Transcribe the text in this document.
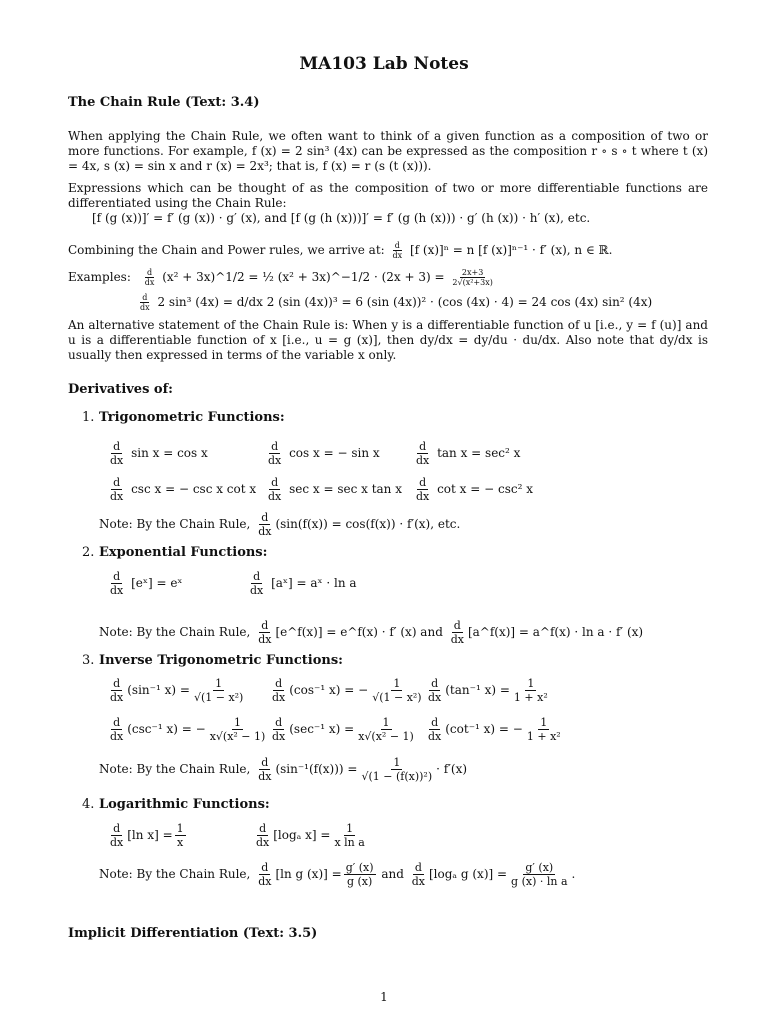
MA103 Lab Notes
The Chain Rule (Text: 3.4)
When applying the Chain Rule, we often want to think of a given function as a composition of two or more functions. For example, f (x) = 2 sin³ (4x) can be expressed as the composition r ∘ s ∘ t where t (x) = 4x, s (x) = sin x and r (x) = 2x³; that is, f (x) = r (s (t (x))).
Expressions which can be thought of as the composition of two or more differentiable functions are differentiated using the Chain Rule:
[f (g (x))]′ = f′ (g (x)) · g′ (x), and [f (g (h (x)))]′ = f′ (g (h (x))) · g′ (h (x)) · h′ (x), etc.
Combining the Chain and Power rules, we arrive at: $\frac{d}{dx} [f$ (x)]ⁿ = n [f (x)]ⁿ⁻¹ · f′ (x), n ∈ ℝ.
Examples: $\frac{d}{dx} (x^2$ + 3x)^1/2 = ½ (x² + 3x)^−1/2 · $(2x + 3) = \frac{2x+3}{\text{2√(x²+3x)}}$
$\frac{d}{dx} 2$ sin³ (4x) = d/dx 2 (sin (4x))³ = 6 (sin (4x))² · (cos (4x) · 4) = 24 cos (4x) sin² (4x)
An alternative statement of the Chain Rule is: When y is a differentiable function of u [i.e., y = f (u)] and u is a differentiable function of x [i.e., u = g (x)], then dy/dx = dy/du · du/dx. Also note that dy/dx is usually then expressed in terms of the variable x only.
Derivatives of:
1. Trigonometric Functions:
$\frac{d}{dx}$ sin x = cos x	$\frac{d}{dx}$ cos x = − sin x	$\frac{d}{dx}$ tan x = sec² x
$\frac{d}{dx}$ csc x = − csc x cot x $\frac{d}{dx}$ sec x = sec x tan x $\frac{d}{dx}$ cot x = − csc² x
Note: By the Chain Rule, $\frac{d}{dx} (\sin(f(x)) = \cos(f(x)) \cdot f'(x)$, etc.
2. Exponential Functions:
$\frac{d}{dx}$ [eˣ] = eˣ	$\frac{d}{dx}$ [aˣ] = aˣ · ln a
Note: By the Chain Rule, $\frac{d}{dx}$ [e^f(x)] = e^f(x) · f′ (x) and $\frac{d}{dx}$ [a^f(x)] = a^f(x) · ln a · f′ (x)
3. Inverse Trigonometric Functions:
$\frac{d}{dx} (\sin^{-1}$ $x) = \frac{1}{\text{√(1 − x²)}} \frac{d}{dx} (\cos^{-1}$ x) = − $\frac{1}{\text{√(1 − x²)}} \frac{d}{dx} (\tan^{-1}$ $x) = \frac{1}{\text{1 + x²}}$
$\frac{d}{dx} (\csc^{-1}$ x) = − $\frac{1}{\text{x√(x² − 1)}} \frac{d}{dx} (\sec^{-1}$ $x) = \frac{1}{\text{x√(x² − 1)}} \frac{d}{dx} (\cot^{-1}$ x) = − $\frac{1}{\text{1 + x²}}$
Note: By the Chain Rule, $\frac{d}{dx} (\sin^{-1}(f(x))) = \frac{1}{\text{√(1 − (f(x))²)}} \cdot f'(x)$
4. Logarithmic Functions:
$\frac{d}{dx} [\ln$ $x] = \frac{1}{x}$	$\frac{d}{dx} [\log_a$ $x] = \frac{1}{\text{x ln a}}$
Note: By the Chain Rule, $\frac{d}{dx} [\ln$ g $(x)] = \frac{g' (x)}{g (x)}$ and $\frac{d}{dx} [\log_a$ g $(x)] = \frac{g' (x)}{\text{g (x) · ln a}}$ .
Implicit Differentiation (Text: 3.5)
1
